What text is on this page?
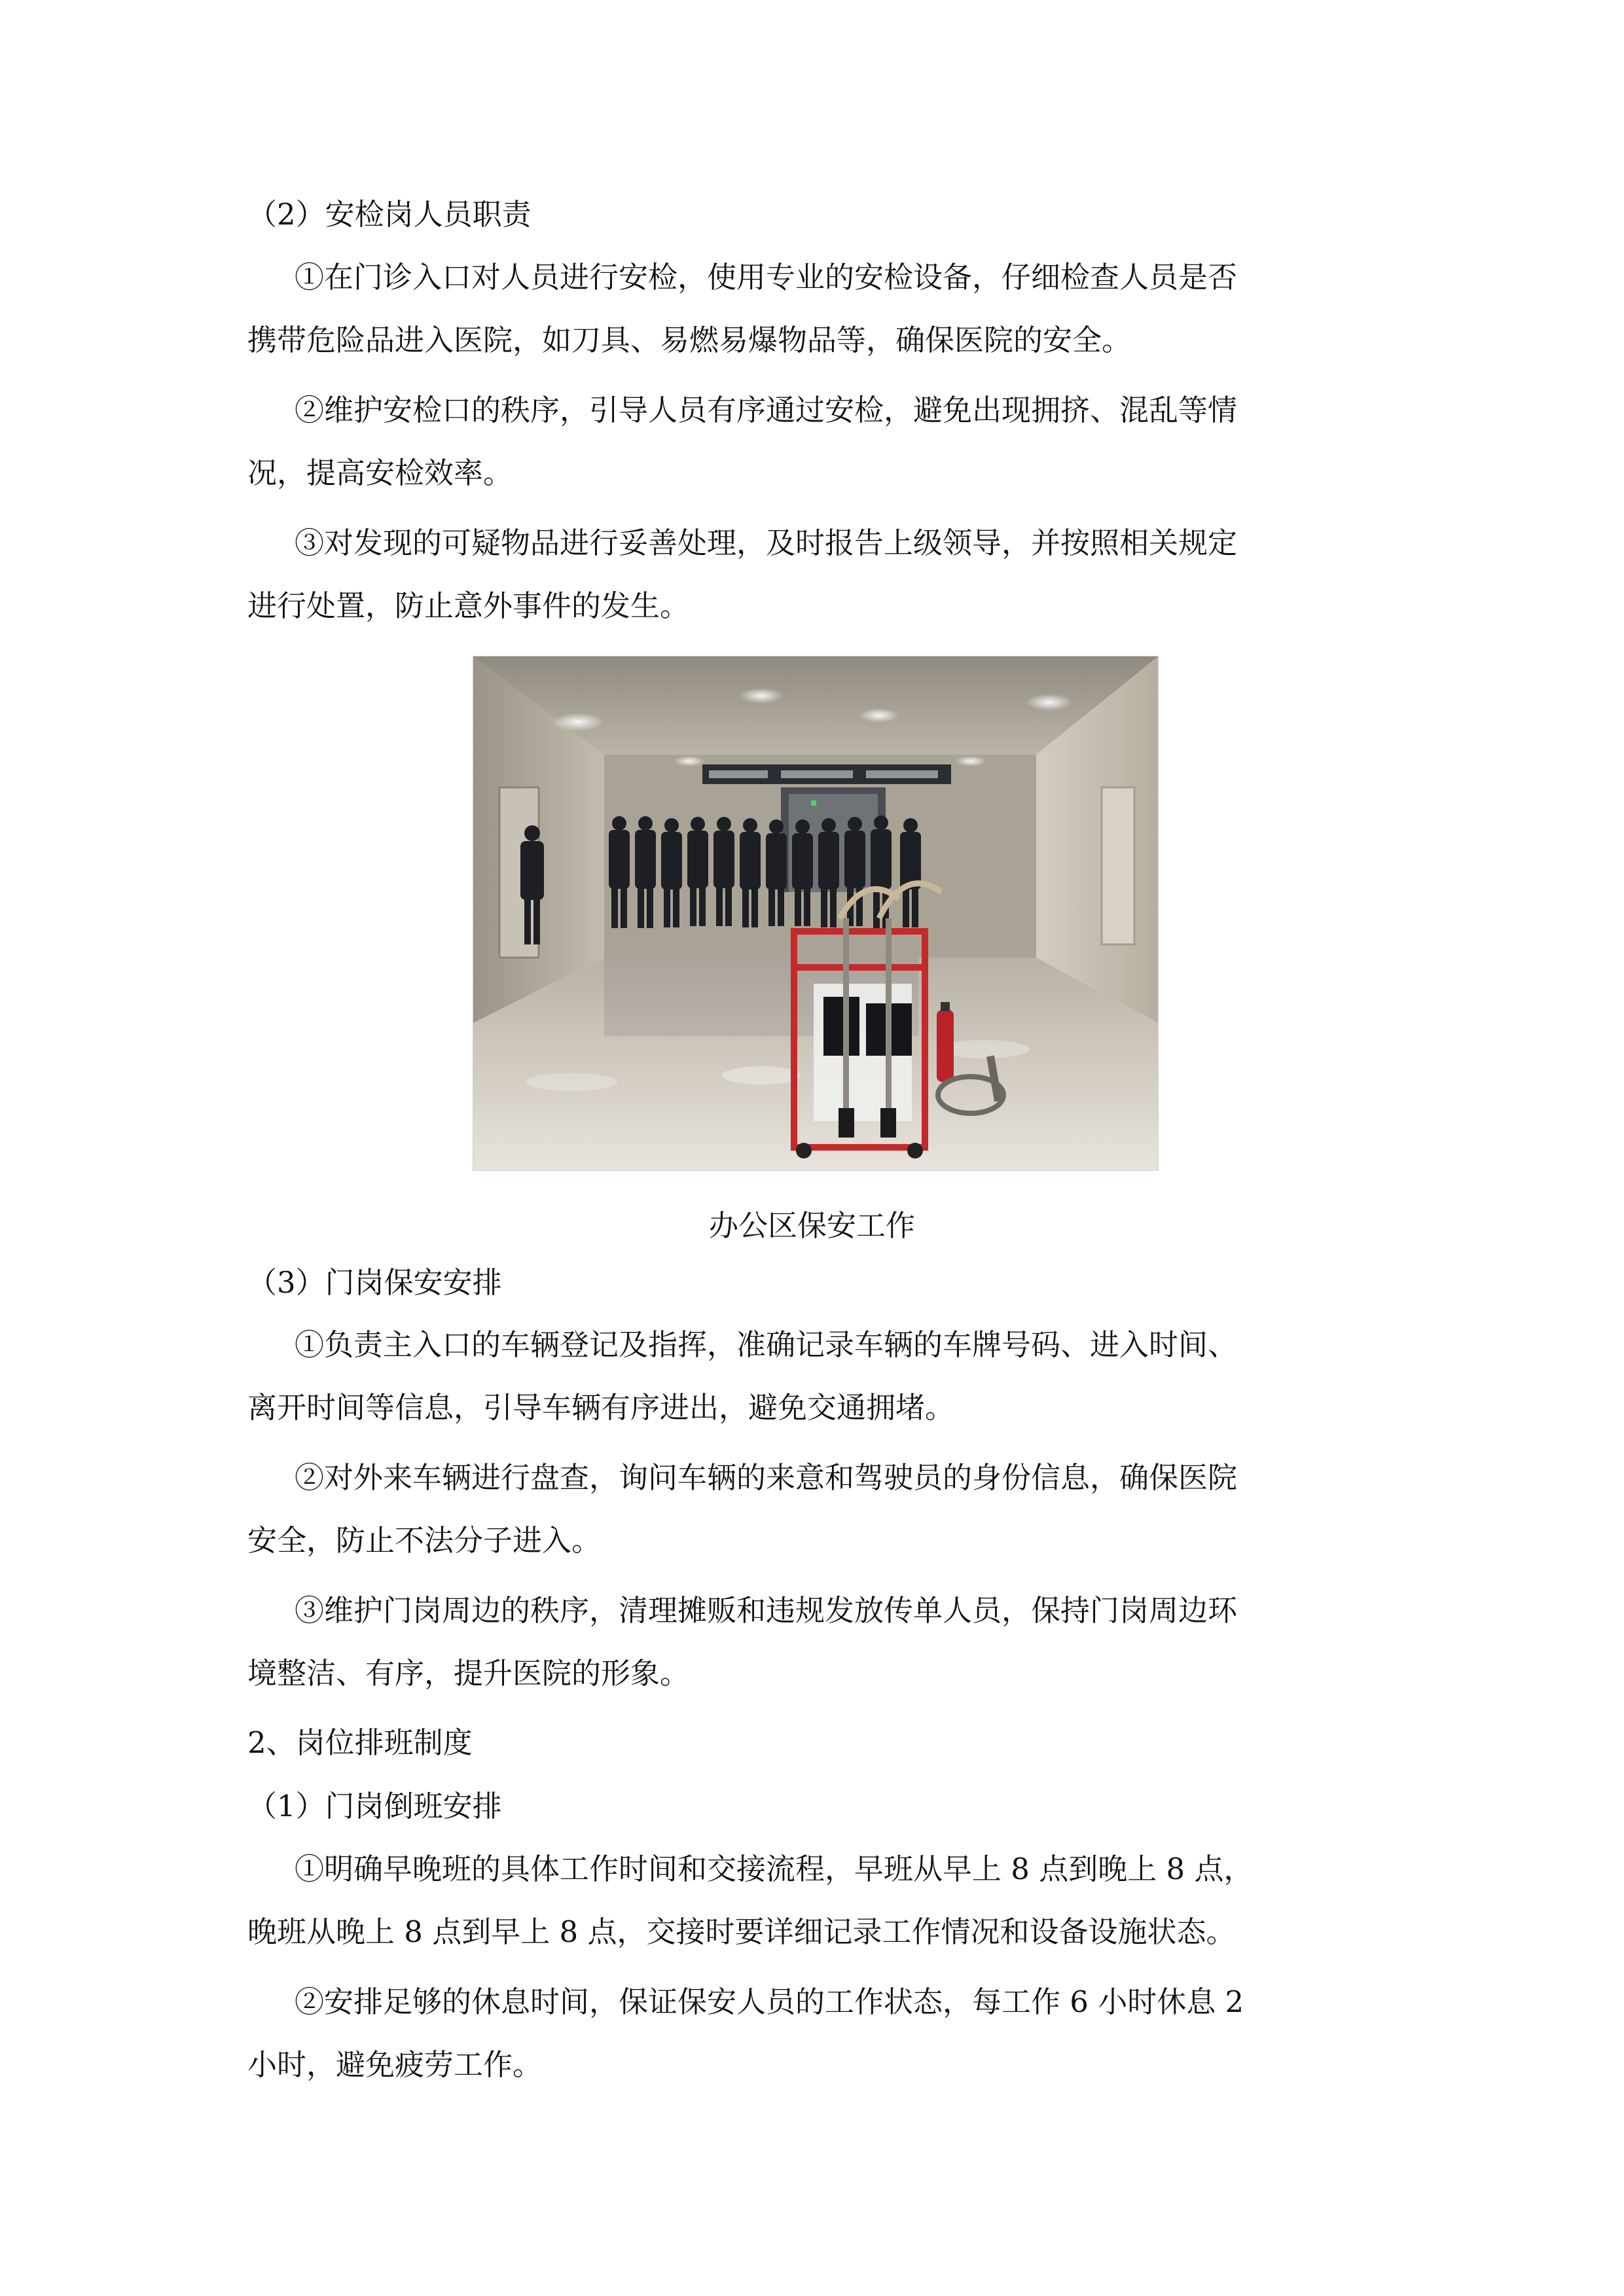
（2）安检岗人员职责

①在门诊入口对人员进行安检，使用专业的安检设备，仔细检查人员是否

携带危险品进入医院，如刀具、易燃易爆物品等，确保医院的安全。

②维护安检口的秩序，引导人员有序通过安检，避免出现拥挤、混乱等情

况，提高安检效率。

③对发现的可疑物品进行妥善处理，及时报告上级领导，并按照相关规定

进行处置，防止意外事件的发生。

办公区保安工作

（3）门岗保安安排

①负责主入口的车辆登记及指挥，准确记录车辆的车牌号码、进入时间、

离开时间等信息，引导车辆有序进出，避免交通拥堵。

②对外来车辆进行盘查，询问车辆的来意和驾驶员的身份信息，确保医院

安全，防止不法分子进入。

③维护门岗周边的秩序，清理摊贩和违规发放传单人员，保持门岗周边环

境整洁、有序，提升医院的形象。

2、岗位排班制度

（1）门岗倒班安排

①明确早晚班的具体工作时间和交接流程，早班从早上 8 点到晚上 8 点，

晚班从晚上 8 点到早上 8 点，交接时要详细记录工作情况和设备设施状态。

②安排足够的休息时间，保证保安人员的工作状态，每工作 6 小时休息 2

小时，避免疲劳工作。
